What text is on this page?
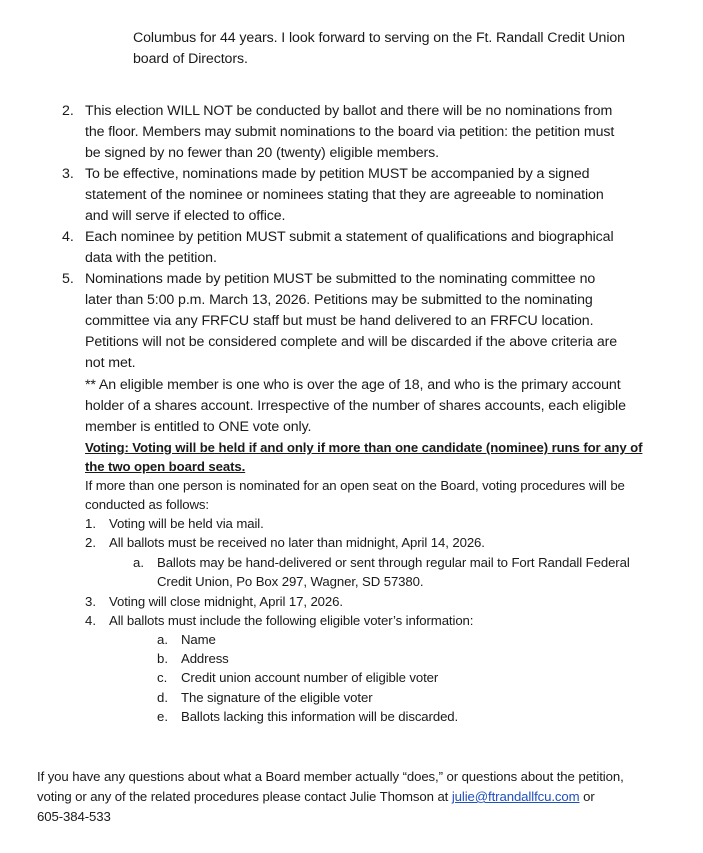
Columbus for 44 years. I look forward to serving on the Ft. Randall Credit Union
board of Directors.
2. This election WILL NOT be conducted by ballot and there will be no nominations from
the floor. Members may submit nominations to the board via petition: the petition must
be signed by no fewer than 20 (twenty) eligible members.
3. To be effective, nominations made by petition MUST be accompanied by a signed
statement of the nominee or nominees stating that they are agreeable to nomination
and will serve if elected to office.
4. Each nominee by petition MUST submit a statement of qualifications and biographical
data with the petition.
5. Nominations made by petition MUST be submitted to the nominating committee no
later than 5:00 p.m. March 13, 2026. Petitions may be submitted to the nominating
committee via any FRFCU staff but must be hand delivered to an FRFCU location.
Petitions will not be considered complete and will be discarded if the above criteria are
not met.
** An eligible member is one who is over the age of 18, and who is the primary account
holder of a shares account. Irrespective of the number of shares accounts, each eligible
member is entitled to ONE vote only.
Voting: Voting will be held if and only if more than one candidate (nominee) runs for any of
the two open board seats.
If more than one person is nominated for an open seat on the Board, voting procedures will be
conducted as follows:
1. Voting will be held via mail.
2. All ballots must be received no later than midnight, April 14, 2026.
a. Ballots may be hand-delivered or sent through regular mail to Fort Randall Federal
Credit Union, Po Box 297, Wagner, SD 57380.
3. Voting will close midnight, April 17, 2026.
4. All ballots must include the following eligible voter’s information:
a. Name
b. Address
c. Credit union account number of eligible voter
d. The signature of the eligible voter
e. Ballots lacking this information will be discarded.
If you have any questions about what a Board member actually “does,” or questions about the petition,
voting or any of the related procedures please contact Julie Thomson at julie@ftrandallfcu.com or
605-384-533
